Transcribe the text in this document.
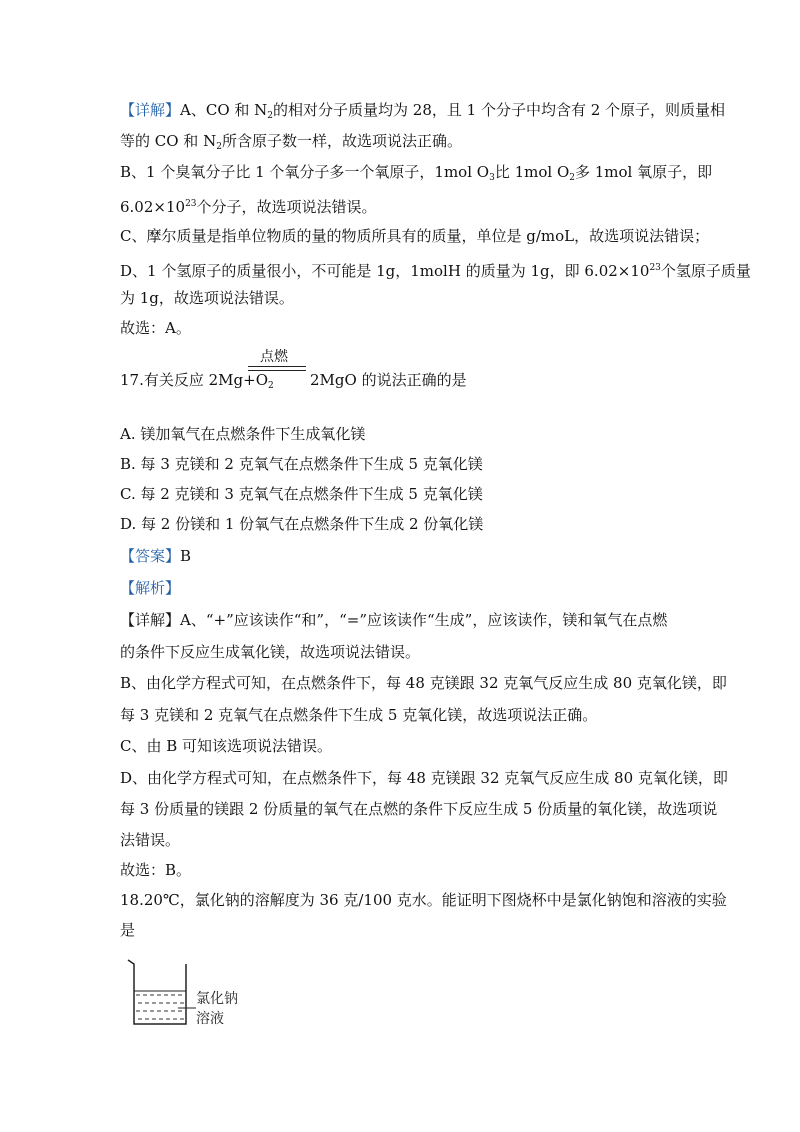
【详解】A、CO 和 $N_2$的相对分子质量均为 28，且 1 个分子中均含有 2 个原子，则质量相
等的 CO 和 $N_2$所含原子数一样，故选项说法正确。
B、1 个臭氧分子比 1 个氧分子多一个氧原子，1mol $O_3$比 1mol $O_2$多 1mol 氧原子，即
$6.02\times 10^{23}$个分子，故选项说法错误。
C、摩尔质量是指单位物质的量的物质所具有的质量，单位是 g/moL，故选项说法错误；
D、1 个氢原子的质量很小，不可能是 1g，1molH 的质量为 1g，即 $6.02\times 10^{23}$个氢原子质量
为 1g，故选项说法错误。
故选：A。
点燃
17.有关反应 $2Mg+O_2$ 2MgO 的说法正确的是
A. 镁加氧气在点燃条件下生成氧化镁
B. 每 3 克镁和 2 克氧气在点燃条件下生成 5 克氧化镁
C. 每 2 克镁和 3 克氧气在点燃条件下生成 5 克氧化镁
D. 每 2 份镁和 1 份氧气在点燃条件下生成 2 份氧化镁
【答案】B
【解析】
【详解】A、“+”应该读作“和”，“=”应该读作“生成”，应该读作，镁和氧气在点燃
的条件下反应生成氧化镁，故选项说法错误。
B、由化学方程式可知，在点燃条件下，每 48 克镁跟 32 克氧气反应生成 80 克氧化镁，即
每 3 克镁和 2 克氧气在点燃条件下生成 5 克氧化镁，故选项说法正确。
C、由 B 可知该选项说法错误。
D、由化学方程式可知，在点燃条件下，每 48 克镁跟 32 克氧气反应生成 80 克氧化镁，即
每 3 份质量的镁跟 2 份质量的氧气在点燃的条件下反应生成 5 份质量的氧化镁，故选项说
法错误。
故选：B。
18.20℃，氯化钠的溶解度为 36 克/100 克水。能证明下图烧杯中是氯化钠饱和溶液的实验
是
氯化钠
溶液
